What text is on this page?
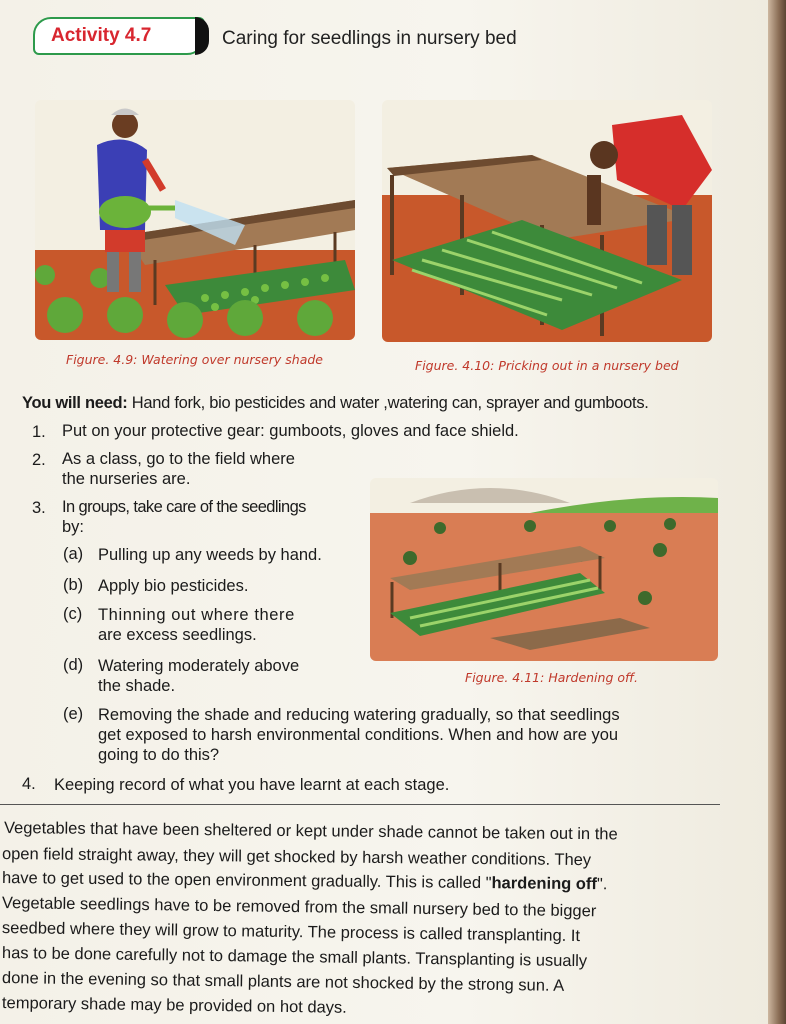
Activity 4.7	Caring for seedlings in nursery bed
Figure. 4.9: Watering over nursery shade	Figure. 4.10: Pricking out in a nursery bed
You will need: Hand fork, bio pesticides and water ,watering can, sprayer and gumboots.
1. Put on your protective gear: gumboots, gloves and face shield.
2. As a class, go to the field where
the nurseries are.
3. In groups, take care of the seedlings
by:
Figure. 4.11: Hardening off.
(a) Pulling up any weeds by hand.
(b) Apply bio pesticides.
(c) Thinning out where there
are excess seedlings.
(d) Watering moderately above
the shade.
(e) Removing the shade and reducing watering gradually, so that seedlings
get exposed to harsh environmental conditions. When and how are you
going to do this?
4. Keeping record of what you have learnt at each stage.
Vegetables that have been sheltered or kept under shade cannot be taken out in the
open field straight away, they will get shocked by harsh weather conditions. They
have to get used to the open environment gradually. This is called "hardening off".
Vegetable seedlings have to be removed from the small nursery bed to the bigger
seedbed where they will grow to maturity. The process is called transplanting. It
has to be done carefully not to damage the small plants. Transplanting is usually
done in the evening so that small plants are not shocked by the strong sun. A
temporary shade may be provided on hot days.
